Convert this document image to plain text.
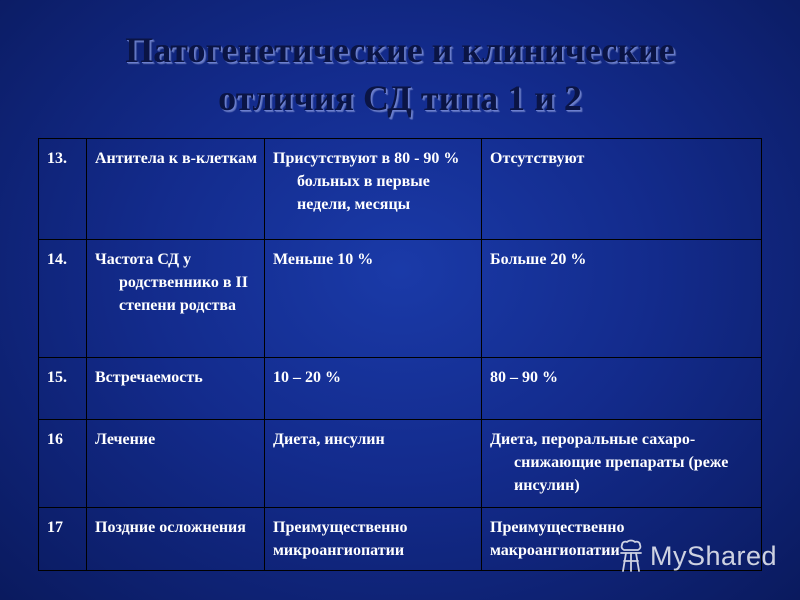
Патогенетические и клинические
отличия СД типа 1 и 2
13.	Антитела к в-клеткам	Присутствуют в 80 - 90 % больных в первые недели, месяцы	Отсутствуют
14.	Частота СД у родственнико в II степени родства	Меньше 10 %	Больше 20 %
15.	Встречаемость	10 – 20 %	80 – 90 %
16	Лечение	Диета, инсулин	Диета, пероральные сахаро-снижающие препараты (реже инсулин)

17	Поздние осложнения	Преимущественно микроангиопатии	Преимущественно макроангиопатии MyShared
